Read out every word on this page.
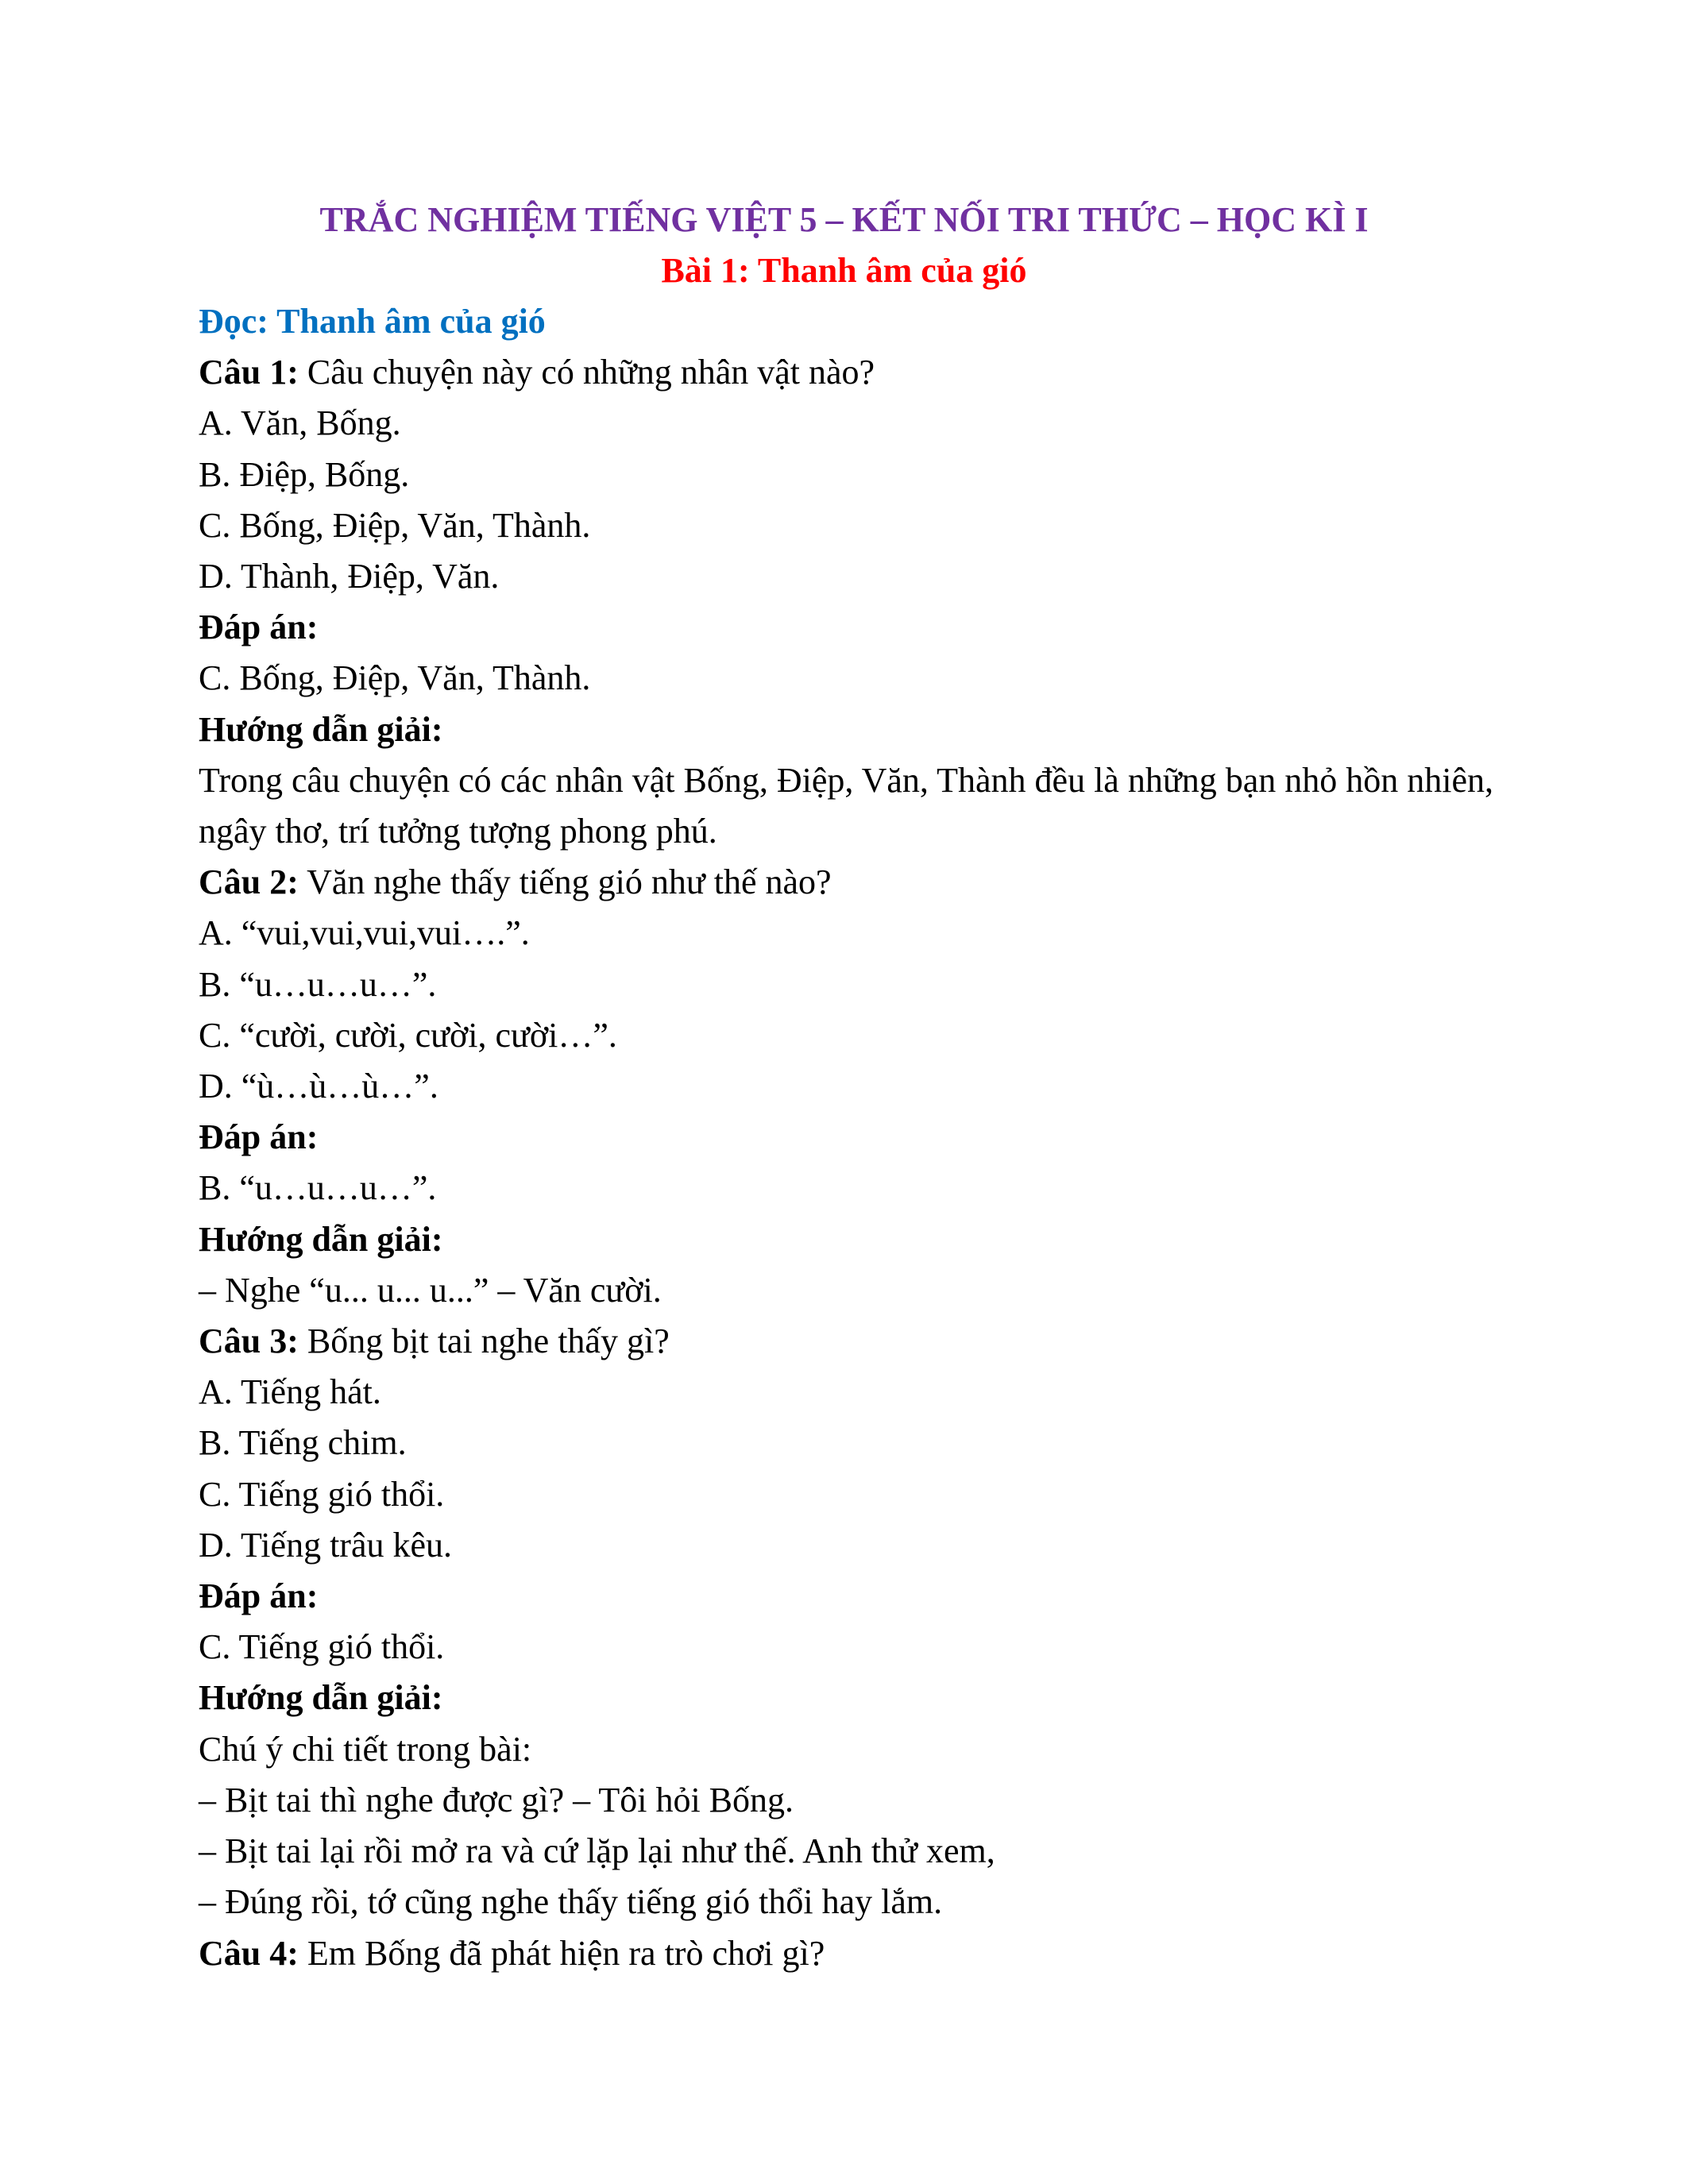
TRẮC NGHIỆM TIẾNG VIỆT 5 – KẾT NỐI TRI THỨC – HỌC KÌ I
Bài 1: Thanh âm của gió
Đọc: Thanh âm của gió
Câu 1: Câu chuyện này có những nhân vật nào?
A. Văn, Bống.
B. Điệp, Bống.
C. Bống, Điệp, Văn, Thành.
D. Thành, Điệp, Văn.
Đáp án:
C. Bống, Điệp, Văn, Thành.
Hướng dẫn giải:
Trong câu chuyện có các nhân vật Bống, Điệp, Văn, Thành đều là những bạn nhỏ hồn nhiên, ngây thơ, trí tưởng tượng phong phú.
Câu 2: Văn nghe thấy tiếng gió như thế nào?
A. “vui,vui,vui,vui….”.
B. “u…u…u…”.
C. “cười, cười, cười, cười…”.
D. “ù…ù…ù…”.
Đáp án:
B. “u…u…u…”.
Hướng dẫn giải:
– Nghe “u... u... u...” – Văn cười.
Câu 3: Bống bịt tai nghe thấy gì?
A. Tiếng hát.
B. Tiếng chim.
C. Tiếng gió thổi.
D. Tiếng trâu kêu.
Đáp án:
C. Tiếng gió thổi.
Hướng dẫn giải:
Chú ý chi tiết trong bài:
– Bịt tai thì nghe được gì? – Tôi hỏi Bống.
– Bịt tai lại rồi mở ra và cứ lặp lại như thế. Anh thử xem,
– Đúng rồi, tớ cũng nghe thấy tiếng gió thổi hay lắm.
Câu 4: Em Bống đã phát hiện ra trò chơi gì?
